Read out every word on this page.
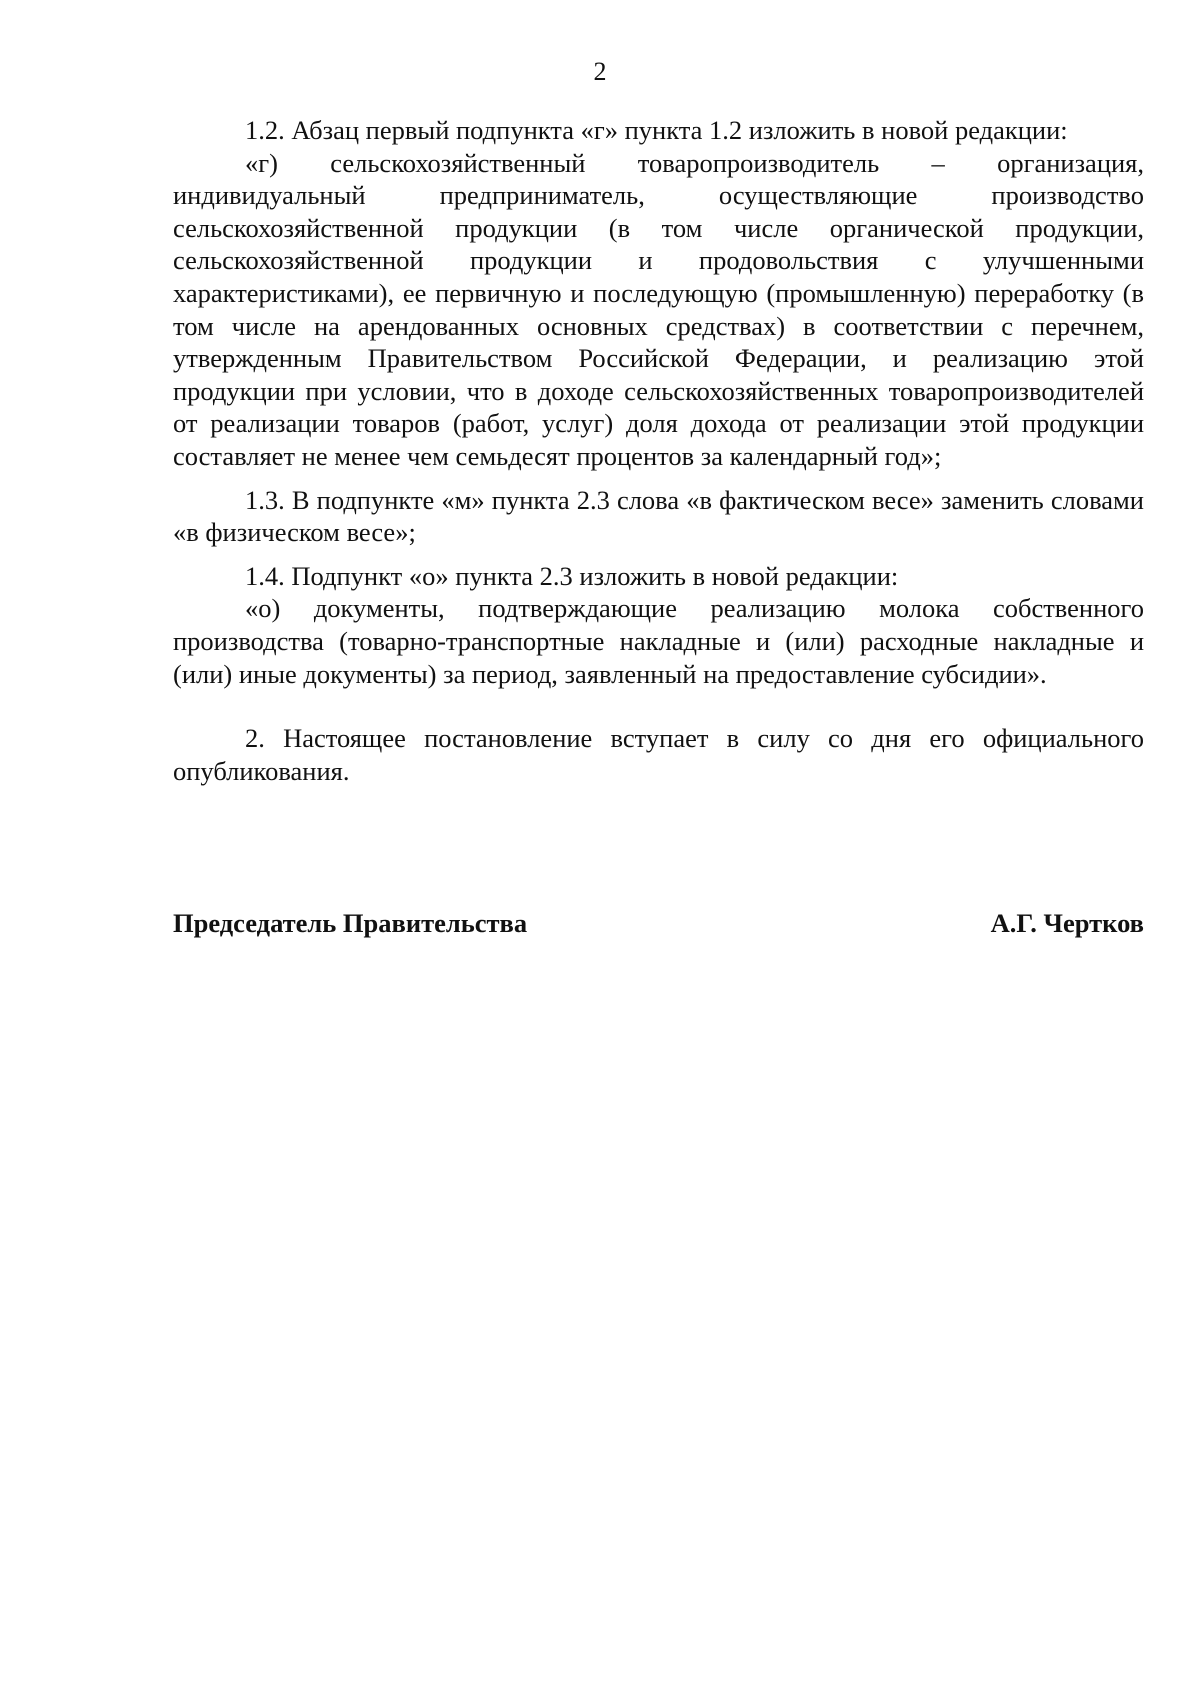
2

1.2. Абзац первый подпункта «г» пункта 1.2 изложить в новой редакции:

«г) сельскохозяйственный товаропроизводитель – организация, индивидуальный предприниматель, осуществляющие производство сельскохозяйственной продукции (в том числе органической продукции, сельскохозяйственной продукции и продовольствия с улучшенными характеристиками), ее первичную и последующую (промышленную) переработку (в том числе на арендованных основных средствах) в соответствии с перечнем, утвержденным Правительством Российской Федерации, и реализацию этой продукции при условии, что в доходе сельскохозяйственных товаропроизводителей от реализации товаров (работ, услуг) доля дохода от реализации этой продукции составляет не менее чем семьдесят процентов за календарный год»;

1.3. В подпункте «м» пункта 2.3 слова «в фактическом весе» заменить словами «в физическом весе»;

1.4. Подпункт «о» пункта 2.3 изложить в новой редакции:

«о) документы, подтверждающие реализацию молока собственного производства (товарно-транспортные накладные и (или) расходные накладные и (или) иные документы) за период, заявленный на предоставление субсидии».

2. Настоящее постановление вступает в силу со дня его официального опубликования.

Председатель Правительства	А.Г. Чертков
